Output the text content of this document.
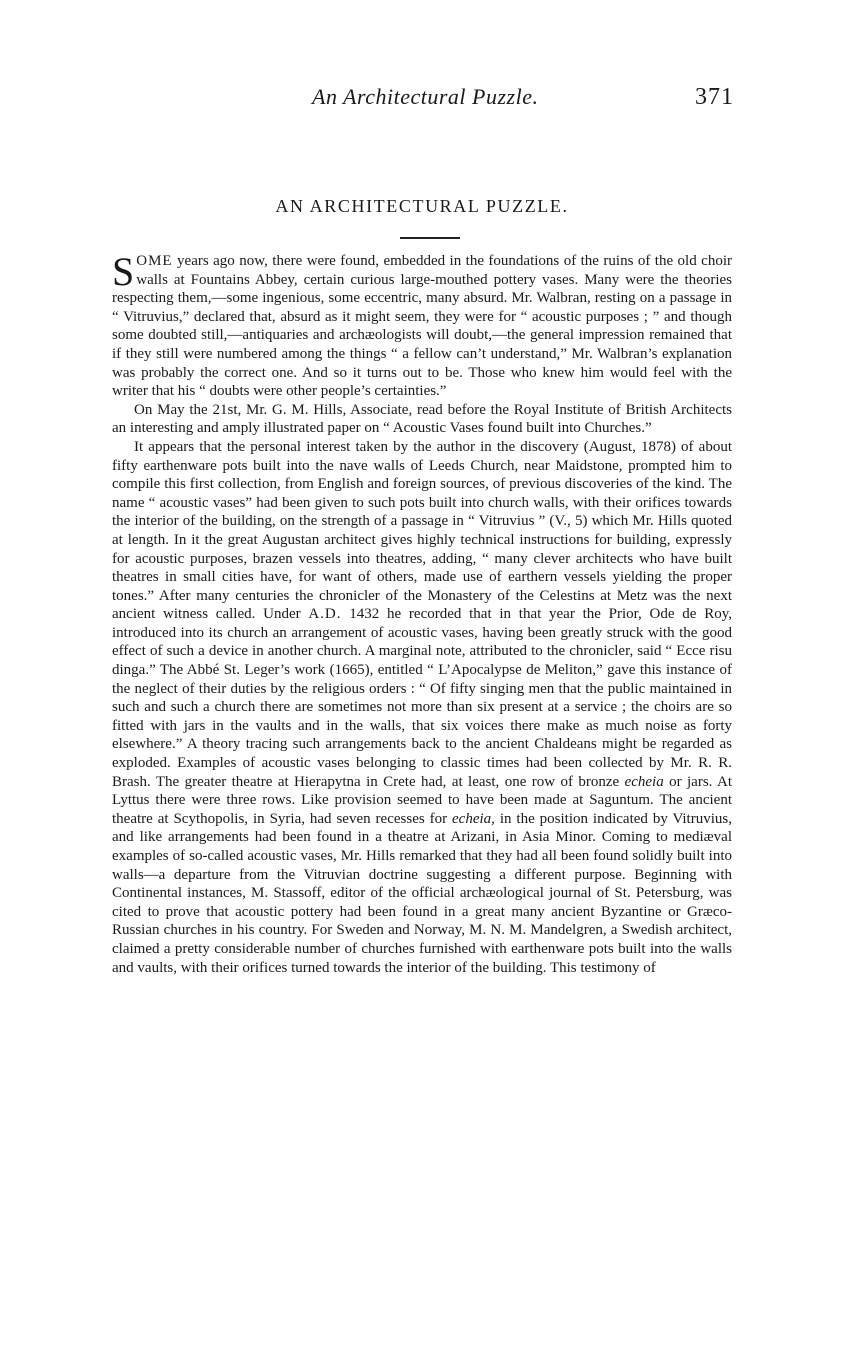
An Architectural Puzzle.	371
AN ARCHITECTURAL PUZZLE.

SOME years ago now, there were found, embedded in the foundations of the ruins of the old choir walls at Fountains Abbey, certain curious large-mouthed pottery vases. Many were the theories respecting them,—some ingenious, some eccentric, many absurd. Mr. Walbran, resting on a passage in “ Vitruvius,” declared that, absurd as it might seem, they were for “ acoustic purposes ; ” and though some doubted still,—antiquaries and archæologists will doubt,—the general impression remained that if they still were numbered among the things “ a fellow can’t understand,” Mr. Walbran’s explanation was probably the correct one. And so it turns out to be. Those who knew him would feel with the writer that his “ doubts were other people’s certainties.”

On May the 21st, Mr. G. M. Hills, Associate, read before the Royal Institute of British Architects an interesting and amply illustrated paper on “ Acoustic Vases found built into Churches.”

It appears that the personal interest taken by the author in the discovery (August, 1878) of about fifty earthenware pots built into the nave walls of Leeds Church, near Maidstone, prompted him to compile this first collection, from English and foreign sources, of previous discoveries of the kind. The name “ acoustic vases” had been given to such pots built into church walls, with their orifices towards the interior of the building, on the strength of a passage in “ Vitruvius ” (V., 5) which Mr. Hills quoted at length. In it the great Augustan architect gives highly technical instructions for building, expressly for acoustic purposes, brazen vessels into theatres, adding, “ many clever architects who have built theatres in small cities have, for want of others, made use of earthern vessels yielding the proper tones.” After many centuries the chronicler of the Monastery of the Celestins at Metz was the next ancient witness called. Under A.D. 1432 he recorded that in that year the Prior, Ode de Roy, introduced into its church an arrangement of acoustic vases, having been greatly struck with the good effect of such a device in another church. A marginal note, attributed to the chronicler, said “ Ecce risu dinga.” The Abbé St. Leger’s work (1665), entitled “ L’Apocalypse de Meliton,” gave this instance of the neglect of their duties by the religious orders : “ Of fifty singing men that the public maintained in such and such a church there are sometimes not more than six present at a service ; the choirs are so fitted with jars in the vaults and in the walls, that six voices there make as much noise as forty elsewhere.” A theory tracing such arrangements back to the ancient Chaldeans might be regarded as exploded. Examples of acoustic vases belonging to classic times had been collected by Mr. R. R. Brash. The greater theatre at Hierapytna in Crete had, at least, one row of bronze echeia or jars. At Lyttus there were three rows. Like provision seemed to have been made at Saguntum. The ancient theatre at Scythopolis, in Syria, had seven recesses for echeia, in the position indicated by Vitruvius, and like arrangements had been found in a theatre at Arizani, in Asia Minor. Coming to mediæval examples of so-called acoustic vases, Mr. Hills remarked that they had all been found solidly built into walls—a departure from the Vitruvian doctrine suggesting a different purpose. Beginning with Continental instances, M. Stassoff, editor of the official archæological journal of St. Petersburg, was cited to prove that acoustic pottery had been found in a great many ancient Byzantine or Græco-Russian churches in his country. For Sweden and Norway, M. N. M. Mandelgren, a Swedish architect, claimed a pretty considerable number of churches furnished with earthenware pots built into the walls and vaults, with their orifices turned towards the interior of the building. This testimony of
